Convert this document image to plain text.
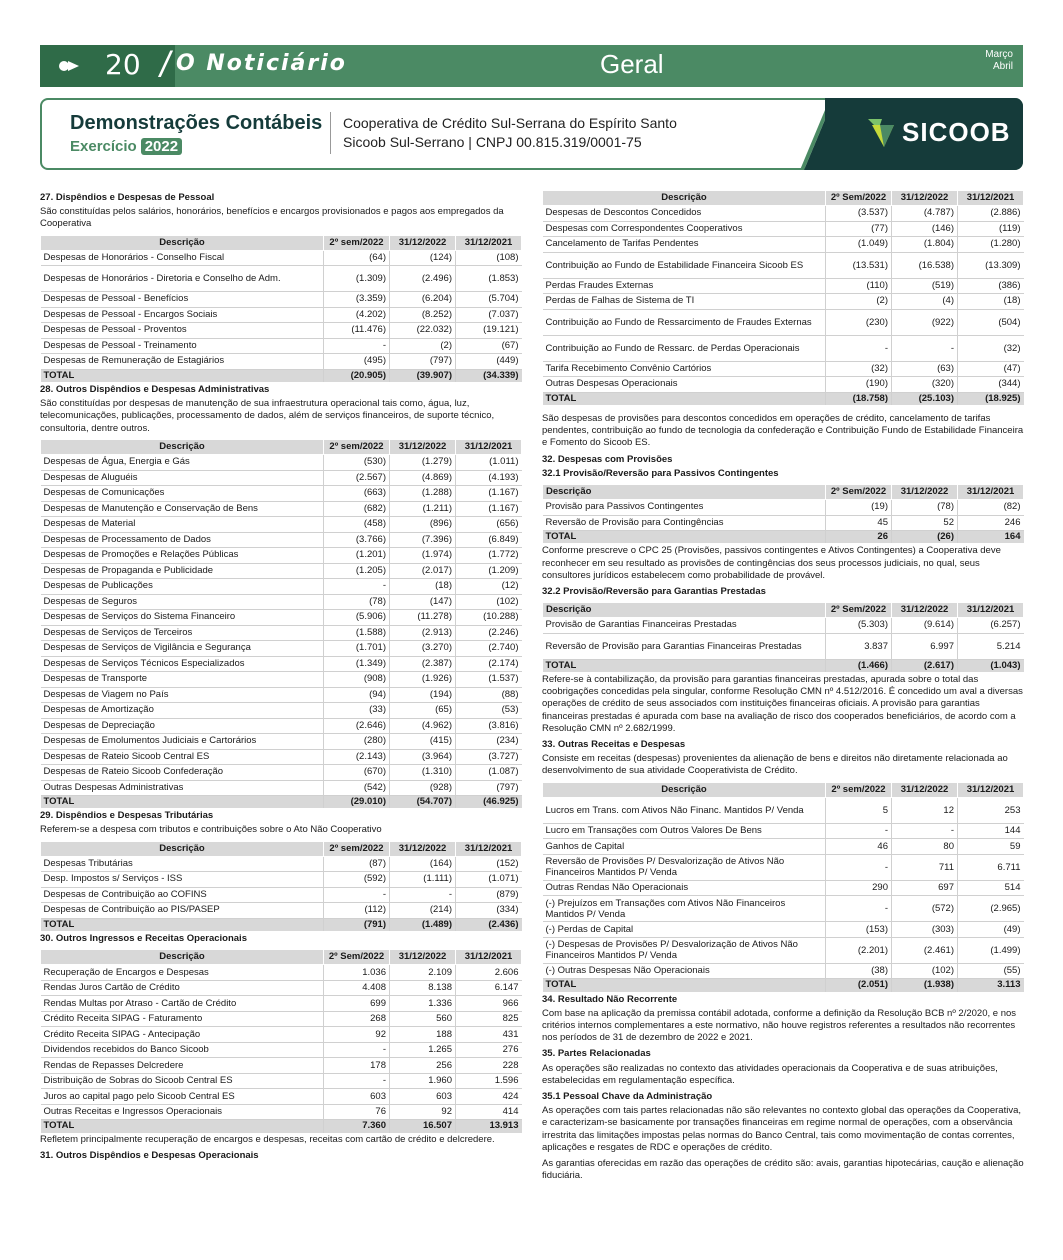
20 / O Noticiário	Geral	Março
Abril
Demonstrações Contábeis
Exercício 2022
Cooperativa de Crédito Sul-Serrana do Espírito Santo
Sicoob Sul-Serrano | CNPJ 00.815.319/0001-75	SICOOB
27. Dispêndios e Despesas de Pessoal
São constituídas pelos salários, honorários, benefícios e encargos provisionados e pagos aos empregados da Cooperativa
Descrição	2º sem/2022	31/12/2022	31/12/2021
Despesas de Honorários - Conselho Fiscal	(64)	(124)	(108)
Despesas de Honorários - Diretoria e Conselho de Adm.	(1.309)	(2.496)	(1.853)
Despesas de Pessoal - Benefícios	(3.359)	(6.204)	(5.704)
Despesas de Pessoal - Encargos Sociais	(4.202)	(8.252)	(7.037)
Despesas de Pessoal - Proventos	(11.476)	(22.032)	(19.121)
Despesas de Pessoal - Treinamento	-	(2)	(67)
Despesas de Remuneração de Estagiários	(495)	(797)	(449)
TOTAL	(20.905)	(39.907)	(34.339)
28. Outros Dispêndios e Despesas Administrativas
São constituídas por despesas de manutenção de sua infraestrutura operacional tais como, água, luz, telecomunicações, publicações, processamento de dados, além de serviços financeiros, de suporte técnico, consultoria, dentre outros.
Descrição	2º sem/2022	31/12/2022	31/12/2021
Despesas de Água, Energia e Gás	(530)	(1.279)	(1.011)
Despesas de Aluguéis	(2.567)	(4.869)	(4.193)
Despesas de Comunicações	(663)	(1.288)	(1.167)
Despesas de Manutenção e Conservação de Bens	(682)	(1.211)	(1.167)
Despesas de Material	(458)	(896)	(656)
Despesas de Processamento de Dados	(3.766)	(7.396)	(6.849)
Despesas de Promoções e Relações Públicas	(1.201)	(1.974)	(1.772)
Despesas de Propaganda e Publicidade	(1.205)	(2.017)	(1.209)
Despesas de Publicações	-	(18)	(12)
Despesas de Seguros	(78)	(147)	(102)
Despesas de Serviços do Sistema Financeiro	(5.906)	(11.278)	(10.288)
Despesas de Serviços de Terceiros	(1.588)	(2.913)	(2.246)
Despesas de Serviços de Vigilância e Segurança	(1.701)	(3.270)	(2.740)
Despesas de Serviços Técnicos Especializados	(1.349)	(2.387)	(2.174)
Despesas de Transporte	(908)	(1.926)	(1.537)
Despesas de Viagem no País	(94)	(194)	(88)
Despesas de Amortização	(33)	(65)	(53)
Despesas de Depreciação	(2.646)	(4.962)	(3.816)
Despesas de Emolumentos Judiciais e Cartorários	(280)	(415)	(234)
Despesas de Rateio Sicoob Central ES	(2.143)	(3.964)	(3.727)
Despesas de Rateio Sicoob Confederação	(670)	(1.310)	(1.087)
Outras Despesas Administrativas	(542)	(928)	(797)
TOTAL	(29.010)	(54.707)	(46.925)
29. Dispêndios e Despesas Tributárias
Referem-se a despesa com tributos e contribuições sobre o Ato Não Cooperativo
Descrição	2º sem/2022	31/12/2022	31/12/2021
Despesas Tributárias	(87)	(164)	(152)
Desp. Impostos s/ Serviços - ISS	(592)	(1.111)	(1.071)
Despesas de Contribuição ao COFINS	-	-	(879)
Despesas de Contribuição ao PIS/PASEP	(112)	(214)	(334)
TOTAL	(791)	(1.489)	(2.436)
30. Outros Ingressos e Receitas Operacionais
Descrição	2º Sem/2022	31/12/2022	31/12/2021
Recuperação de Encargos e Despesas	1.036	2.109	2.606
Rendas Juros Cartão de Crédito	4.408	8.138	6.147
Rendas Multas por Atraso - Cartão de Crédito	699	1.336	966
Crédito Receita SIPAG - Faturamento	268	560	825
Crédito Receita SIPAG - Antecipação	92	188	431
Dividendos recebidos do Banco Sicoob	-	1.265	276
Rendas de Repasses Delcredere	178	256	228
Distribuição de Sobras do Sicoob Central ES	-	1.960	1.596
Juros ao capital pago pelo Sicoob Central ES	603	603	424
Outras Receitas e Ingressos Operacionais	76	92	414
TOTAL	7.360	16.507	13.913
Refletem principalmente recuperação de encargos e despesas, receitas com cartão de crédito e delcredere.
31. Outros Dispêndios e Despesas Operacionais
Descrição	2º Sem/2022	31/12/2022	31/12/2021
Despesas de Descontos Concedidos	(3.537)	(4.787)	(2.886)
Despesas com Correspondentes Cooperativos	(77)	(146)	(119)
Cancelamento de Tarifas Pendentes	(1.049)	(1.804)	(1.280)
Contribuição ao Fundo de Estabilidade Financeira Sicoob ES	(13.531)	(16.538)	(13.309)
Perdas Fraudes Externas	(110)	(519)	(386)
Perdas de Falhas de Sistema de TI	(2)	(4)	(18)
Contribuição ao Fundo de Ressarcimento de Fraudes Externas	(230)	(922)	(504)
Contribuição ao Fundo de Ressarc. de Perdas Operacionais	-	-	(32)
Tarifa Recebimento Convênio Cartórios	(32)	(63)	(47)
Outras Despesas Operacionais	(190)	(320)	(344)
TOTAL	(18.758)	(25.103)	(18.925)
São despesas de provisões para descontos concedidos em operações de crédito, cancelamento de tarifas pendentes, contribuição ao fundo de tecnologia da confederação e Contribuição Fundo de Estabilidade Financeira e Fomento do Sicoob ES.
32. Despesas com Provisões
32.1 Provisão/Reversão para Passivos Contingentes
Descrição	2º Sem/2022	31/12/2022	31/12/2021
Provisão para Passivos Contingentes	(19)	(78)	(82)
Reversão de Provisão para Contingências	45	52	246
TOTAL	26	(26)	164
Conforme prescreve o CPC 25 (Provisões, passivos contingentes e Ativos Contingentes) a Cooperativa deve reconhecer em seu resultado as provisões de contingências dos seus processos judiciais, no qual, seus consultores jurídicos estabelecem como probabilidade de provável.
32.2 Provisão/Reversão para Garantias Prestadas
Descrição	2º Sem/2022	31/12/2022	31/12/2021
Provisão de Garantias Financeiras Prestadas	(5.303)	(9.614)	(6.257)
Reversão de Provisão para Garantias Financeiras Prestadas	3.837	6.997	5.214
TOTAL	(1.466)	(2.617)	(1.043)
Refere-se à contabilização, da provisão para garantias financeiras prestadas, apurada sobre o total das coobrigações concedidas pela singular, conforme Resolução CMN nº 4.512/2016. É concedido um aval a diversas operações de crédito de seus associados com instituições financeiras oficiais. A provisão para garantias financeiras prestadas é apurada com base na avaliação de risco dos cooperados beneficiários, de acordo com a Resolução CMN nº 2.682/1999.
33. Outras Receitas e Despesas
Consiste em receitas (despesas) provenientes da alienação de bens e direitos não diretamente relacionada ao desenvolvimento de sua atividade Cooperativista de Crédito.
Descrição	2º sem/2022	31/12/2022	31/12/2021
Lucros em Trans. com Ativos Não Financ. Mantidos P/ Venda	5	12	253
Lucro em Transações com Outros Valores De Bens	-	-	144
Ganhos de Capital	46	80	59
Reversão de Provisões P/ Desvalorização de Ativos Não Financeiros Mantidos P/ Venda	-	711	6.711
Outras Rendas Não Operacionais	290	697	514
(-) Prejuízos em Transações com Ativos Não Financeiros Mantidos P/ Venda	-	(572)	(2.965)
(-) Perdas de Capital	(153)	(303)	(49)
(-) Despesas de Provisões P/ Desvalorização de Ativos Não Financeiros Mantidos P/ Venda	(2.201)	(2.461)	(1.499)
(-) Outras Despesas Não Operacionais	(38)	(102)	(55)
TOTAL	(2.051)	(1.938)	3.113
34. Resultado Não Recorrente
Com base na aplicação da premissa contábil adotada, conforme a definição da Resolução BCB nº 2/2020, e nos critérios internos complementares a este normativo, não houve registros referentes a resultados não recorrentes nos períodos de 31 de dezembro de 2022 e 2021.
35. Partes Relacionadas
As operações são realizadas no contexto das atividades operacionais da Cooperativa e de suas atribuições, estabelecidas em regulamentação específica.
35.1 Pessoal Chave da Administração
As operações com tais partes relacionadas não são relevantes no contexto global das operações da Cooperativa, e caracterizam-se basicamente por transações financeiras em regime normal de operações, com a observância irrestrita das limitações impostas pelas normas do Banco Central, tais como movimentação de contas correntes, aplicações e resgates de RDC e operações de crédito.
As garantias oferecidas em razão das operações de crédito são: avais, garantias hipotecárias, caução e alienação fiduciária.
